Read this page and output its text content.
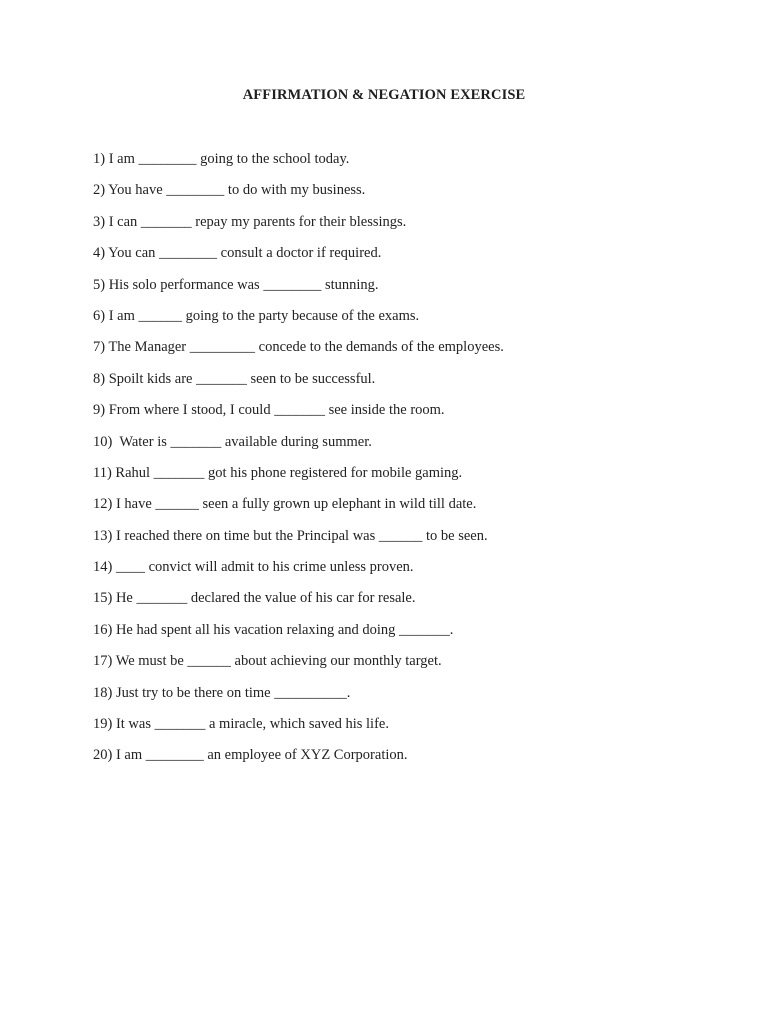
AFFIRMATION & NEGATION EXERCISE
1) I am ________ going to the school today.
2) You have ________ to do with my business.
3) I can _______ repay my parents for their blessings.
4) You can ________ consult a doctor if required.
5) His solo performance was ________ stunning.
6) I am ______ going to the party because of the exams.
7) The Manager _________ concede to the demands of the employees.
8) Spoilt kids are _______ seen to be successful.
9) From where I stood, I could _______ see inside the room.
10)  Water is _______ available during summer.
11) Rahul _______ got his phone registered for mobile gaming.
12) I have ______ seen a fully grown up elephant in wild till date.
13) I reached there on time but the Principal was ______ to be seen.
14) ____ convict will admit to his crime unless proven.
15) He _______ declared the value of his car for resale.
16) He had spent all his vacation relaxing and doing _______.
17) We must be ______ about achieving our monthly target.
18) Just try to be there on time __________.
19) It was _______ a miracle, which saved his life.
20) I am ________ an employee of XYZ Corporation.
